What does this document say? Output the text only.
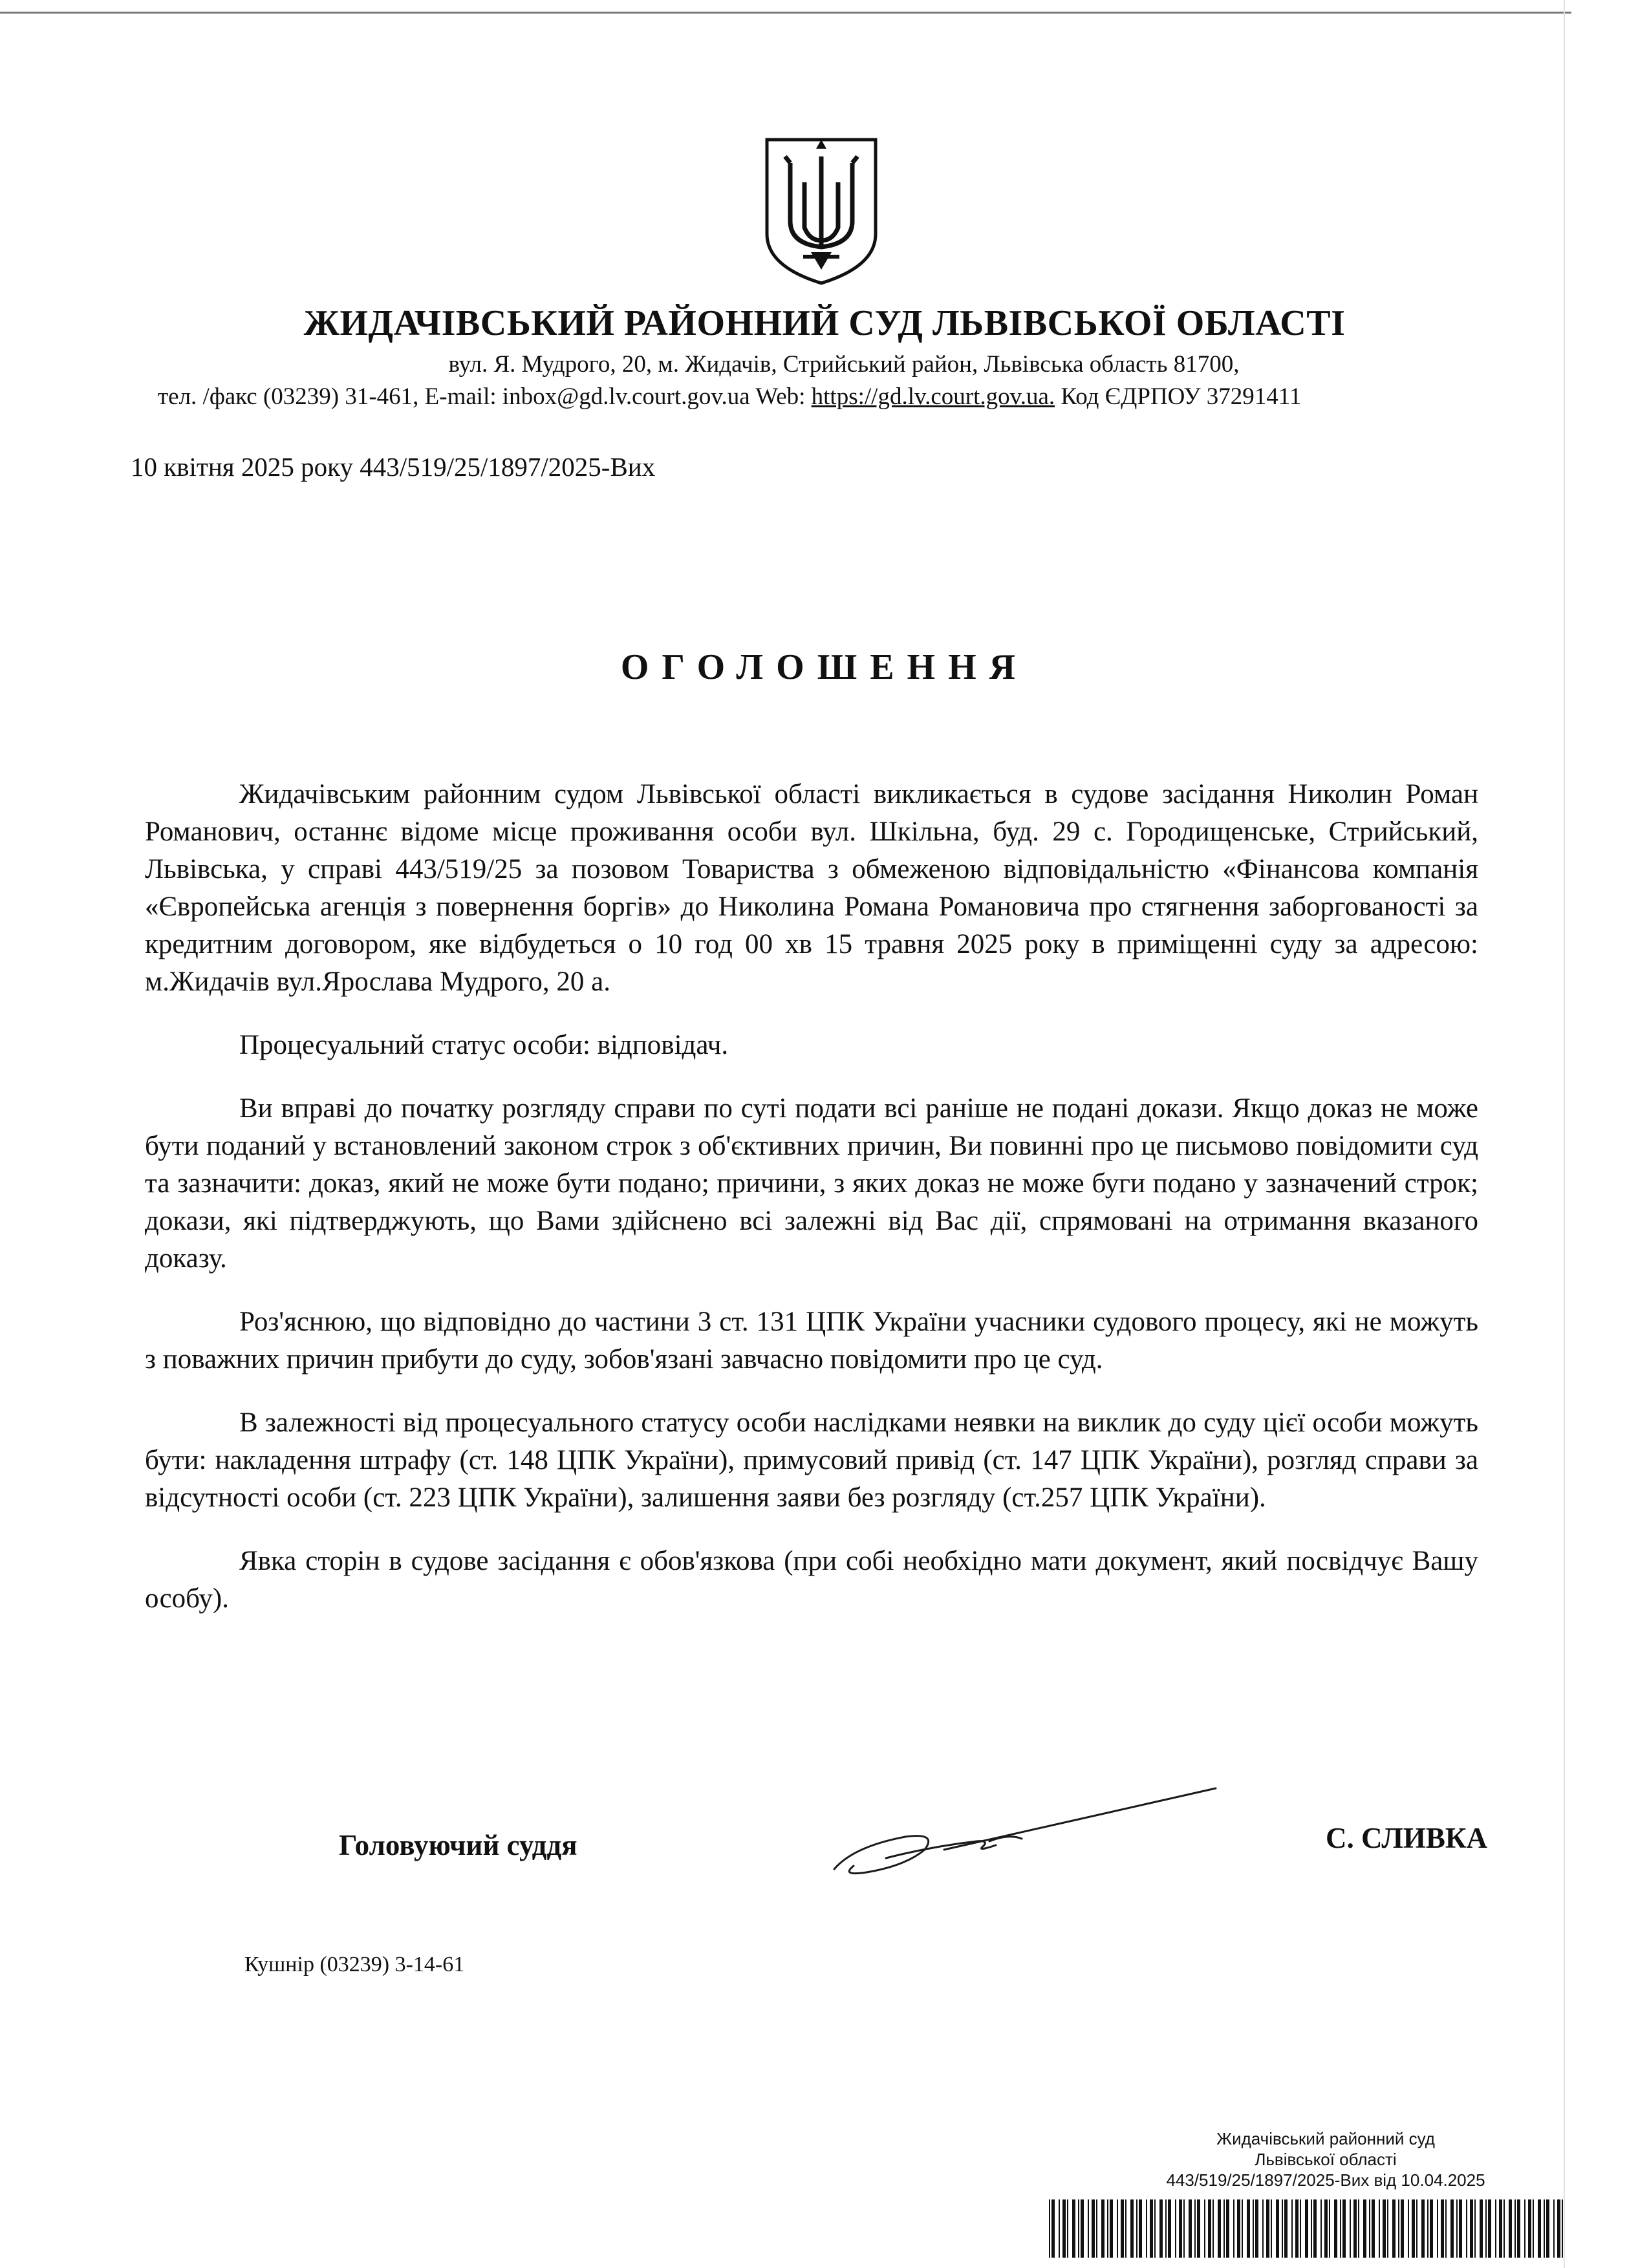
ЖИДАЧІВСЬКИЙ РАЙОННИЙ СУД ЛЬВІВСЬКОЇ ОБЛАСТІ
вул. Я. Мудрого, 20, м. Жидачів, Стрийський район, Львівська область 81700,
тел. /факс (03239) 31-461, E-mail: inbox@gd.lv.court.gov.ua Web: https://gd.lv.court.gov.ua. Код ЄДРПОУ 37291411
10 квітня 2025 року 443/519/25/1897/2025-Вих
ОГОЛОШЕННЯ

Жидачівським районним судом Львівської області викликається в судове засідання Николин Роман Романович, останнє відоме місце проживання особи вул. Шкільна, буд. 29 с. Городищенське, Стрийський, Львівська, у справі 443/519/25 за позовом Товариства з обмеженою відповідальністю «Фінансова компанія «Європейська агенція з повернення боргів» до Николина Романа Романовича про стягнення заборгованості за кредитним договором, яке відбудеться о 10 год 00 хв 15 травня 2025 року в приміщенні суду за адресою: м.Жидачів вул.Ярослава Мудрого, 20 а.

Процесуальний статус особи: відповідач.

Ви вправі до початку розгляду справи по суті подати всі раніше не подані докази. Якщо доказ не може бути поданий у встановлений законом строк з об'єктивних причин, Ви повинні про це письмово повідомити суд та зазначити: доказ, який не може бути подано; причини, з яких доказ не може буги подано у зазначений строк; докази, які підтверджують, що Вами здійснено всі залежні від Вас дії, спрямовані на отримання вказаного доказу.

Роз'яснюю, що відповідно до частини 3 ст. 131 ЦПК України учасники судового процесу, які не можуть з поважних причин прибути до суду, зобов'язані завчасно повідомити про це суд.

В залежності від процесуального статусу особи наслідками неявки на виклик до суду цієї особи можуть бути: накладення штрафу (ст. 148 ЦПК України), примусовий привід (ст. 147 ЦПК України), розгляд справи за відсутності особи (ст. 223 ЦПК України), залишення заяви без розгляду (ст.257 ЦПК України).

Явка сторін в судове засідання є обов'язкова (при собі необхідно мати документ, який посвідчує Вашу особу).

Головуючий суддя	С. СЛИВКА
Кушнір (03239) 3-14-61
Жидачівський районний суд
Львівської області
443/519/25/1897/2025-Вих від 10.04.2025
